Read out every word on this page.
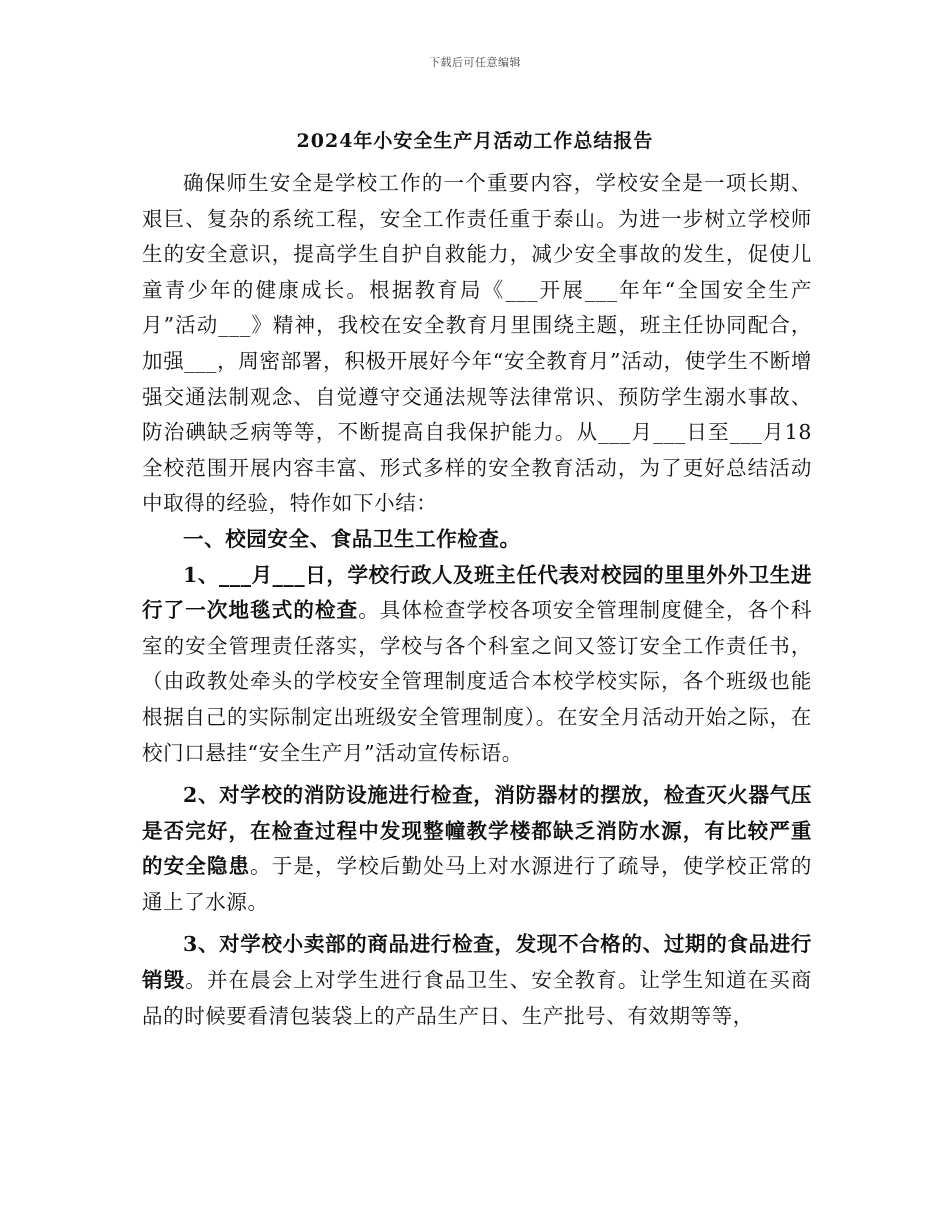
下载后可任意编辑
2024年小安全生产月活动工作总结报告

确保师生安全是学校工作的一个重要内容，学校安全是一项长期、艰巨、复杂的系统工程，安全工作责任重于泰山。为进一步树立学校师生的安全意识，提高学生自护自救能力，减少安全事故的发生，促使儿童青少年的健康成长。根据教育局《___开展___年年“全国安全生产月”活动___》精神，我校在安全教育月里围绕主题，班主任协同配合，加强___，周密部署，积极开展好今年“安全教育月”活动，使学生不断增强交通法制观念、自觉遵守交通法规等法律常识、预防学生溺水事故、防治碘缺乏病等等，不断提高自我保护能力。从___月___日至___月18全校范围开展内容丰富、形式多样的安全教育活动，为了更好总结活动中取得的经验，特作如下小结：

一、校园安全、食品卫生工作检查。

1、___月___日，学校行政人及班主任代表对校园的里里外外卫生进行了一次地毯式的检查。具体检查学校各项安全管理制度健全，各个科室的安全管理责任落实，学校与各个科室之间又签订安全工作责任书，（由政教处牵头的学校安全管理制度适合本校学校实际，各个班级也能根据自己的实际制定出班级安全管理制度）。在安全月活动开始之际，在校门口悬挂“安全生产月”活动宣传标语。

2、对学校的消防设施进行检查，消防器材的摆放，检查灭火器气压是否完好，在检查过程中发现整幢教学楼都缺乏消防水源，有比较严重的安全隐患。于是，学校后勤处马上对水源进行了疏导，使学校正常的通上了水源。

3、对学校小卖部的商品进行检查，发现不合格的、过期的食品进行销毁。并在晨会上对学生进行食品卫生、安全教育。让学生知道在买商品的时候要看清包装袋上的产品生产日、生产批号、有效期等等，
